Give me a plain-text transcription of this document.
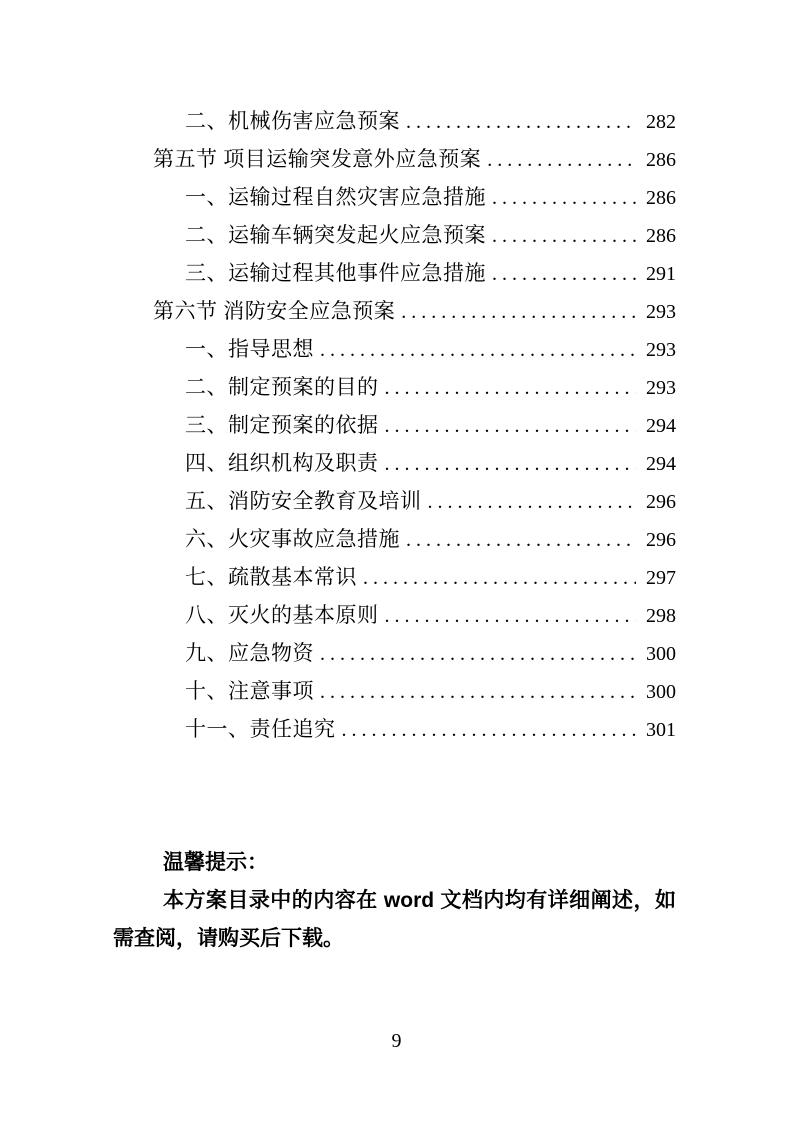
二、机械伤害应急预案 . . .	282
第五节 项目运输突发意外应急预案 . . .	286
一、运输过程自然灾害应急措施 . . .	286
二、运输车辆突发起火应急预案 . . .	286
三、运输过程其他事件应急措施 . . .	291
第六节 消防安全应急预案 . . .	293
一、指导思想 . . .	293
二、制定预案的目的 . . .	293
三、制定预案的依据 . . .	294
四、组织机构及职责 . . .	294
五、消防安全教育及培训 . . .	296
六、火灾事故应急措施 . . .	296
七、疏散基本常识 . . .	297
八、灭火的基本原则 . . .	298
九、应急物资 . . .	300
十、注意事项 . . .	300
十一、责任追究 . . .	301
温馨提示：
本方案目录中的内容在 word 文档内均有详细阐述，如需查阅，请购买后下载。
9
